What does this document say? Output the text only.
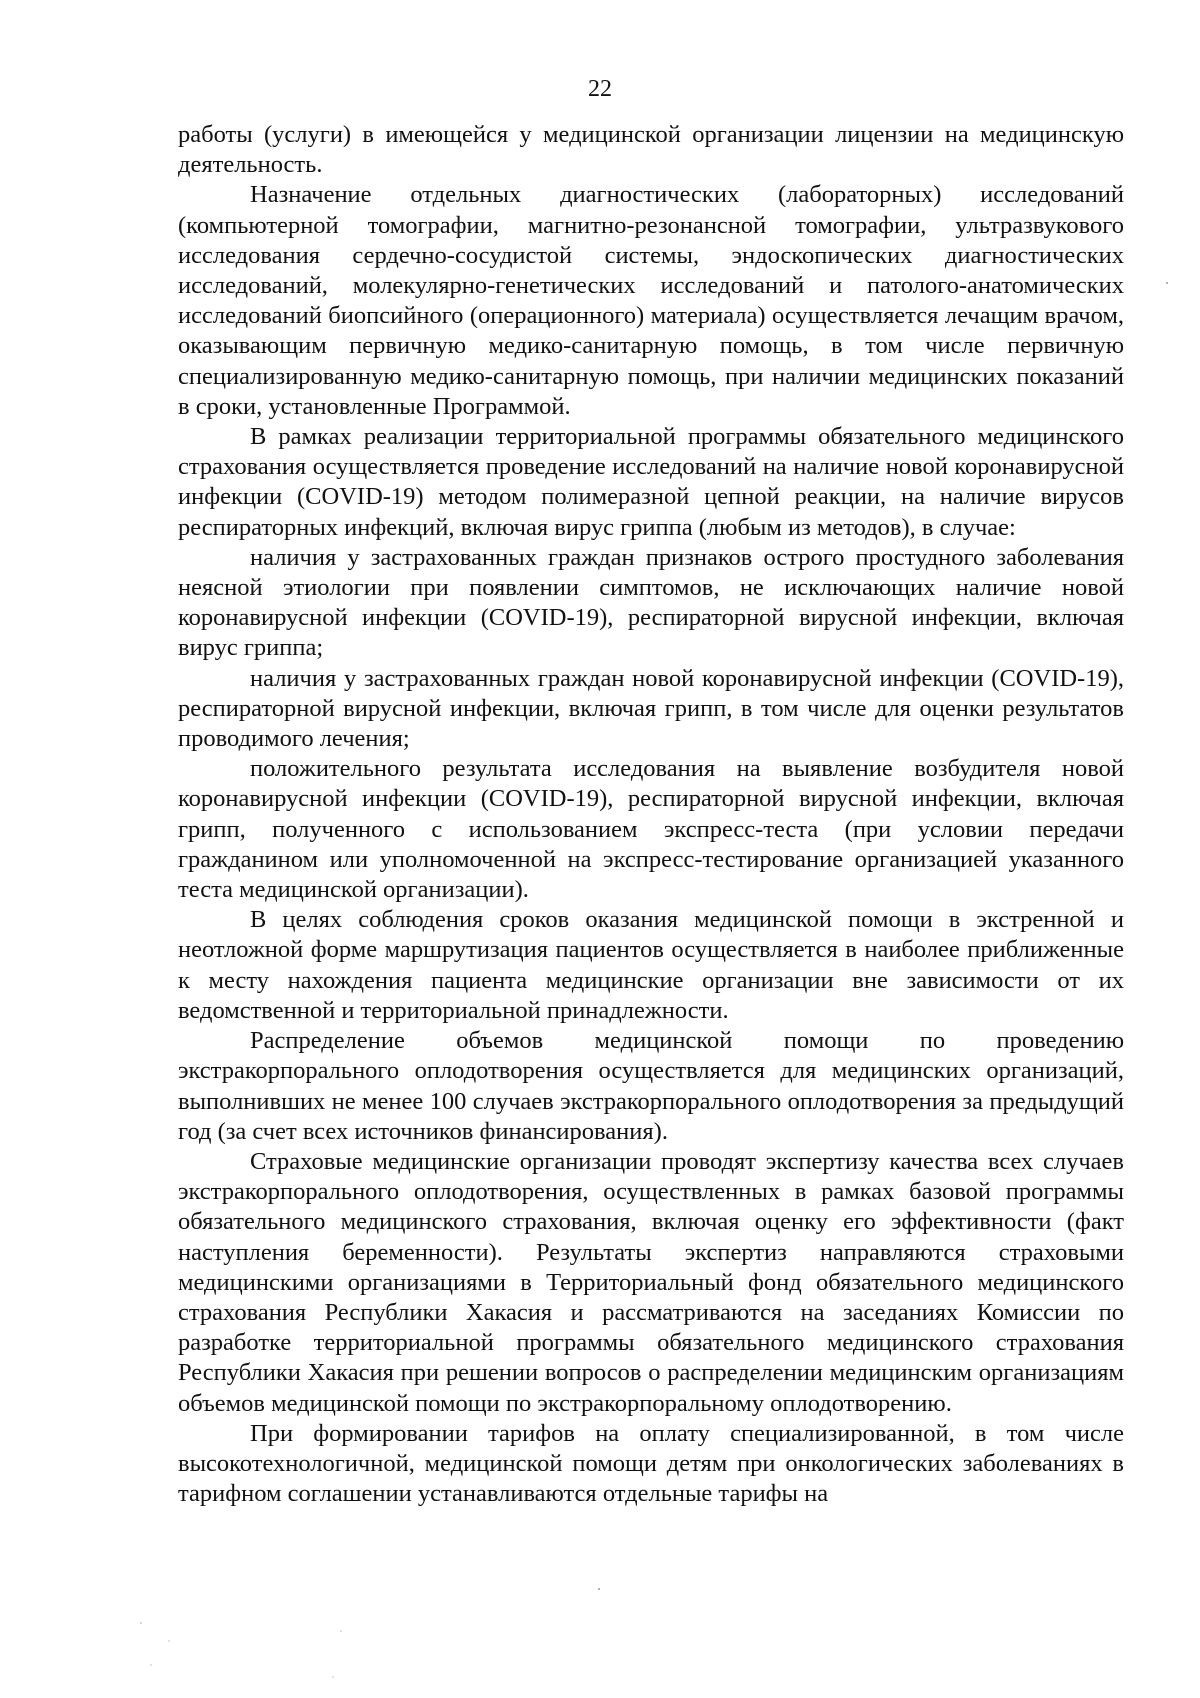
22

работы (услуги) в имеющейся у медицинской организации лицензии на медицинскую деятельность.

Назначение отдельных диагностических (лабораторных) исследований (компьютерной томографии, магнитно-резонансной томографии, ультразвукового исследования сердечно-сосудистой системы, эндоскопических диагностических исследований, молекулярно-генетических исследований и патолого-анатомических исследований биопсийного (операционного) материала) осуществляется лечащим врачом, оказывающим первичную медико-санитарную помощь, в том числе первичную специализированную медико-санитарную помощь, при наличии медицинских показаний в сроки, установленные Программой.

В рамках реализации территориальной программы обязательного медицинского страхования осуществляется проведение исследований на наличие новой коронавирусной инфекции (COVID-19) методом полимеразной цепной реакции, на наличие вирусов респираторных инфекций, включая вирус гриппа (любым из методов), в случае:

наличия у застрахованных граждан признаков острого простудного заболевания неясной этиологии при появлении симптомов, не исключающих наличие новой коронавирусной инфекции (COVID-19), респираторной вирусной инфекции, включая вирус гриппа;

наличия у застрахованных граждан новой коронавирусной инфекции (COVID-19), респираторной вирусной инфекции, включая грипп, в том числе для оценки результатов проводимого лечения;

положительного результата исследования на выявление возбудителя новой коронавирусной инфекции (COVID-19), респираторной вирусной инфекции, включая грипп, полученного с использованием экспресс-теста (при условии передачи гражданином или уполномоченной на экспресс-тестирование организацией указанного теста медицинской организации).

В целях соблюдения сроков оказания медицинской помощи в экстренной и неотложной форме маршрутизация пациентов осуществляется в наиболее приближенные к месту нахождения пациента медицинские организации вне зависимости от их ведомственной и территориальной принадлежности.

Распределение объемов медицинской помощи по проведению экстракорпорального оплодотворения осуществляется для медицинских организаций, выполнивших не менее 100 случаев экстракорпорального оплодотворения за предыдущий год (за счет всех источников финансирования).

Страховые медицинские организации проводят экспертизу качества всех случаев экстракорпорального оплодотворения, осуществленных в рамках базовой программы обязательного медицинского страхования, включая оценку его эффективности (факт наступления беременности). Результаты экспертиз направляются страховыми медицинскими организациями в Территориальный фонд обязательного медицинского страхования Республики Хакасия и рассматриваются на заседаниях Комиссии по разработке территориальной программы обязательного медицинского страхования Республики Хакасия при решении вопросов о распределении медицинским организациям объемов медицинской помощи по экстракорпоральному оплодотворению.

При формировании тарифов на оплату специализированной, в том числе высокотехнологичной, медицинской помощи детям при онкологических заболеваниях в тарифном соглашении устанавливаются отдельные тарифы на
